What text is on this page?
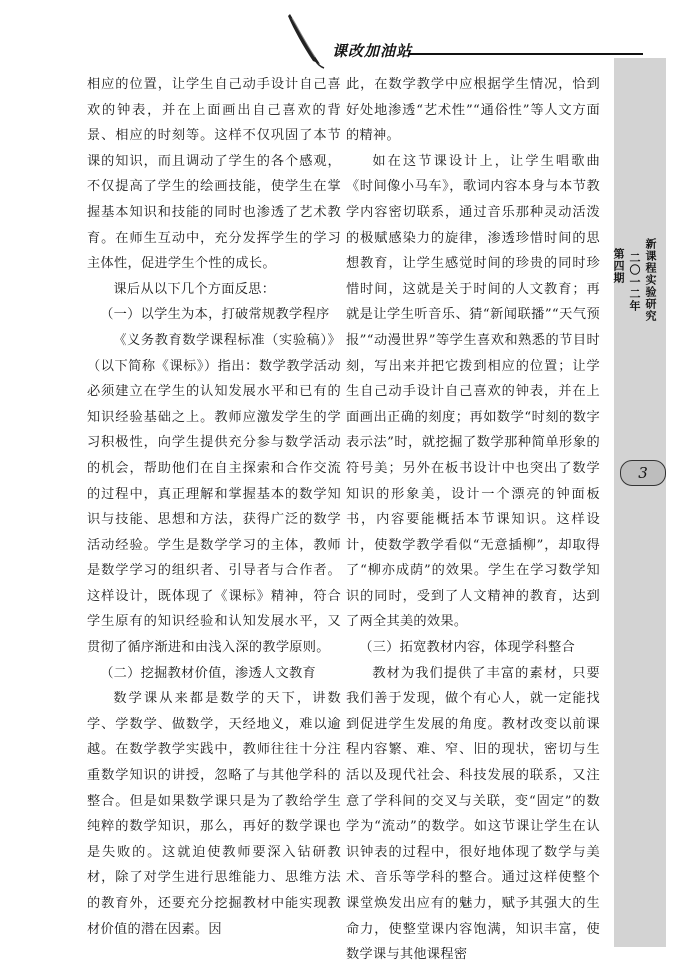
课改加油站
新课程实验研究
二〇一二年
第四期
3

相应的位置，让学生自己动手设计自己喜欢的钟表，并在上面画出自己喜欢的背景、相应的时刻等。这样不仅巩固了本节课的知识，而且调动了学生的各个感观，不仅提高了学生的绘画技能，使学生在掌握基本知识和技能的同时也渗透了艺术教育。在师生互动中，充分发挥学生的学习主体性，促进学生个性的成长。

课后从以下几个方面反思：

（一）以学生为本，打破常规教学程序

《义务教育数学课程标准（实验稿）》（以下简称《课标》）指出：数学教学活动必须建立在学生的认知发展水平和已有的知识经验基础之上。教师应激发学生的学习积极性，向学生提供充分参与数学活动的机会，帮助他们在自主探索和合作交流的过程中，真正理解和掌握基本的数学知识与技能、思想和方法，获得广泛的数学活动经验。学生是数学学习的主体，教师是数学学习的组织者、引导者与合作者。这样设计，既体现了《课标》精神，符合学生原有的知识经验和认知发展水平，又贯彻了循序渐进和由浅入深的教学原则。

（二）挖掘教材价值，渗透人文教育

数学课从来都是数学的天下，讲数学、学数学、做数学，天经地义，难以逾越。在数学教学实践中，教师往往十分注重数学知识的讲授，忽略了与其他学科的整合。但是如果数学课只是为了教给学生纯粹的数学知识，那么，再好的数学课也是失败的。这就迫使教师要深入钻研教材，除了对学生进行思维能力、思维方法的教育外，还要充分挖掘教材中能实现教材价值的潜在因素。因

此，在数学教学中应根据学生情况，恰到好处地渗透“艺术性”“通俗性”等人文方面的精神。

如在这节课设计上，让学生唱歌曲《时间像小马车》，歌词内容本身与本节教学内容密切联系，通过音乐那种灵动活泼的极赋感染力的旋律，渗透珍惜时间的思想教育，让学生感觉时间的珍贵的同时珍惜时间，这就是关于时间的人文教育；再就是让学生听音乐、猜“新闻联播”“天气预报”“动漫世界”等学生喜欢和熟悉的节目时刻，写出来并把它拨到相应的位置；让学生自己动手设计自己喜欢的钟表，并在上面画出正确的刻度；再如数学“时刻的数字表示法”时，就挖掘了数学那种简单形象的符号美；另外在板书设计中也突出了数学知识的形象美，设计一个漂亮的钟面板书，内容要能概括本节课知识。这样设计，使数学教学看似“无意插柳”，却取得了“柳亦成荫”的效果。学生在学习数学知识的同时，受到了人文精神的教育，达到了两全其美的效果。

（三）拓宽教材内容，体现学科整合

教材为我们提供了丰富的素材，只要我们善于发现，做个有心人，就一定能找到促进学生发展的角度。教材改变以前课程内容繁、难、窄、旧的现状，密切与生活以及现代社会、科技发展的联系，又注意了学科间的交叉与关联，变“固定”的数学为“流动”的数学。如这节课让学生在认识钟表的过程中，很好地体现了数学与美术、音乐等学科的整合。通过这样使整个课堂焕发出应有的魅力，赋予其强大的生命力，使整堂课内容饱满，知识丰富，使数学课与其他课程密
